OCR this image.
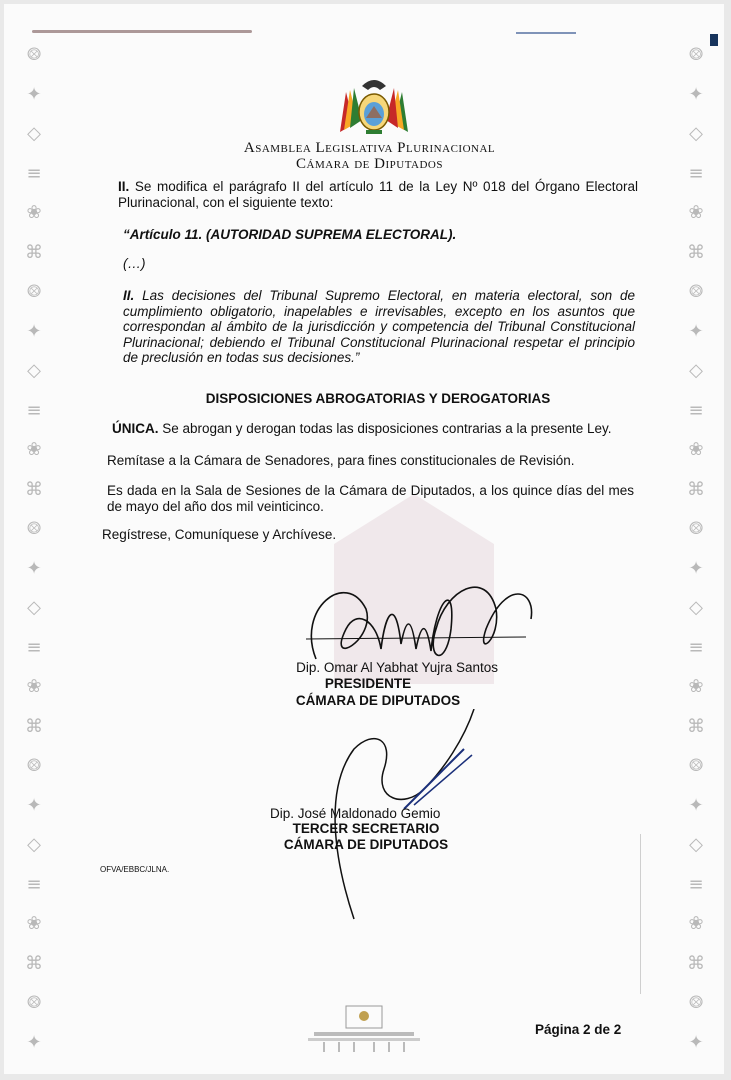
⨷
✦
◇
≡
❀
⌘
⨷
✦
◇
≡
❀
⌘
⨷
✦
◇
≡
❀
⌘
⨷
✦
◇
≡
❀
⌘
⨷
✦
⨷
✦
◇
≡
❀
⌘
⨷
✦
◇
≡
❀
⌘
⨷
✦
◇
≡
❀
⌘
⨷
✦
◇
≡
❀
⌘
⨷
✦
Asamblea Legislativa Plurinacional
Cámara de Diputados
II. Se modifica el parágrafo II del artículo 11 de la Ley Nº 018 del Órgano Electoral Plurinacional, con el siguiente texto:
“Artículo 11. (AUTORIDAD SUPREMA ELECTORAL).
(…)
II. Las decisiones del Tribunal Supremo Electoral, en materia electoral, son de cumplimiento obligatorio, inapelables e irrevisables, excepto en los asuntos que correspondan al ámbito de la jurisdicción y competencia del Tribunal Constitucional Plurinacional; debiendo el Tribunal Constitucional Plurinacional respetar el principio de preclusión en todas sus decisiones.”
DISPOSICIONES ABROGATORIAS Y DEROGATORIAS
ÚNICA. Se abrogan y derogan todas las disposiciones contrarias a la presente Ley.
Remítase a la Cámara de Senadores, para fines constitucionales de Revisión.
Es dada en la Sala de Sesiones de la Cámara de Diputados, a los quince días del mes de mayo del año dos mil veinticinco.
Regístrese, Comuníquese y Archívese.
Dip. Omar Al Yabhat Yujra Santos
PRESIDENTE
CÁMARA DE DIPUTADOS
Dip. José Maldonado Gemio
TERCER SECRETARIO
CÁMARA DE DIPUTADOS
OFVA/EBBC/JLNA.
Página 2 de 2
